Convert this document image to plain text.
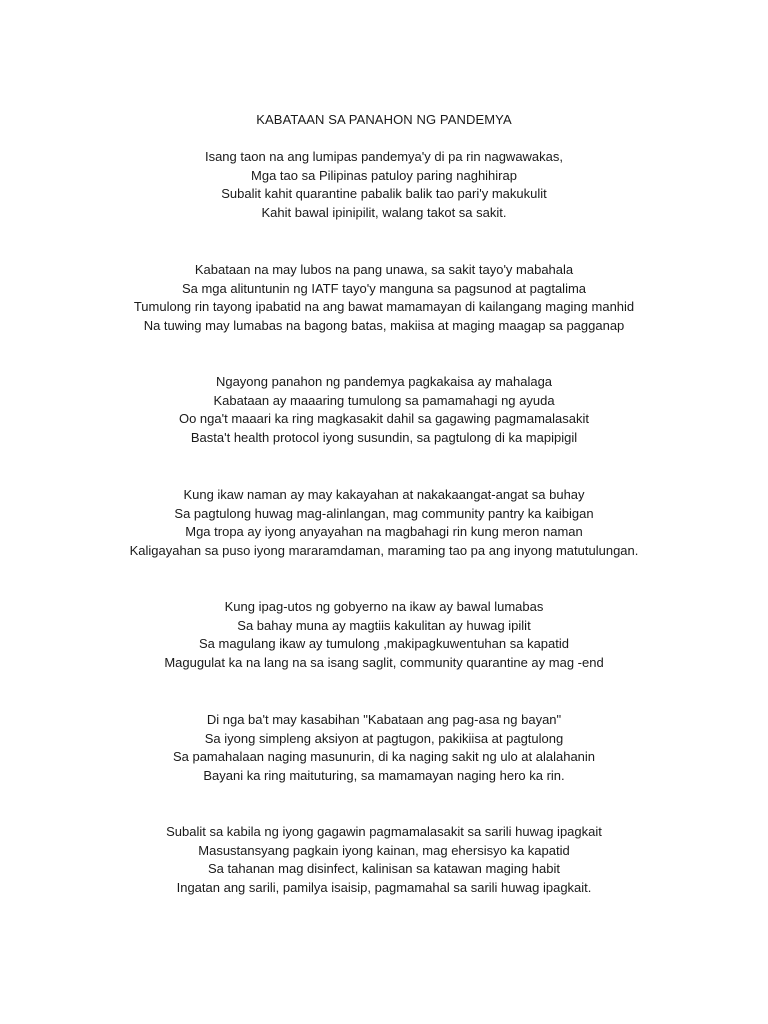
KABATAAN SA PANAHON NG PANDEMYA
Isang taon na ang lumipas pandemya'y di pa rin nagwawakas,
Mga tao sa Pilipinas patuloy paring naghihirap
Subalit kahit quarantine pabalik balik tao pari'y makukulit
Kahit bawal ipinipilit, walang takot sa sakit.
Kabataan na may lubos na pang unawa, sa sakit tayo'y mabahala
Sa mga alituntunin ng IATF tayo'y manguna sa pagsunod at pagtalima
Tumulong rin tayong ipabatid na ang bawat mamamayan di kailangang maging manhid
Na tuwing may lumabas na bagong batas, makiisa at maging maagap sa pagganap
Ngayong panahon ng pandemya pagkakaisa ay mahalaga
Kabataan ay maaaring tumulong sa pamamahagi ng ayuda
Oo nga't maaari ka ring magkasakit dahil sa gagawing pagmamalasakit
Basta't health protocol iyong susundin, sa pagtulong di ka mapipigil
Kung ikaw naman ay may kakayahan at nakakaangat-angat sa buhay
Sa pagtulong huwag mag-alinlangan, mag community pantry ka kaibigan
Mga tropa ay iyong anyayahan na magbahagi rin kung meron naman
Kaligayahan sa puso iyong mararamdaman, maraming tao pa ang inyong matutulungan.
Kung ipag-utos ng gobyerno na ikaw ay bawal lumabas
Sa bahay muna ay magtiis kakulitan ay huwag ipilit
Sa magulang ikaw ay tumulong ,makipagkuwentuhan sa kapatid
Magugulat ka na lang na sa isang saglit, community quarantine ay mag -end
Di nga ba't may kasabihan "Kabataan ang pag-asa ng bayan"
Sa iyong simpleng aksiyon at pagtugon, pakikiisa at pagtulong
Sa pamahalaan naging masunurin, di ka naging sakit ng ulo at alalahanin
Bayani ka ring maituturing, sa mamamayan naging hero ka rin.
Subalit sa kabila ng iyong gagawin pagmamalasakit sa sarili huwag ipagkait
Masustansyang pagkain iyong kainan, mag ehersisyo ka kapatid
Sa tahanan mag disinfect, kalinisan sa katawan maging habit
Ingatan ang sarili, pamilya isaisip, pagmamahal sa sarili huwag ipagkait.
